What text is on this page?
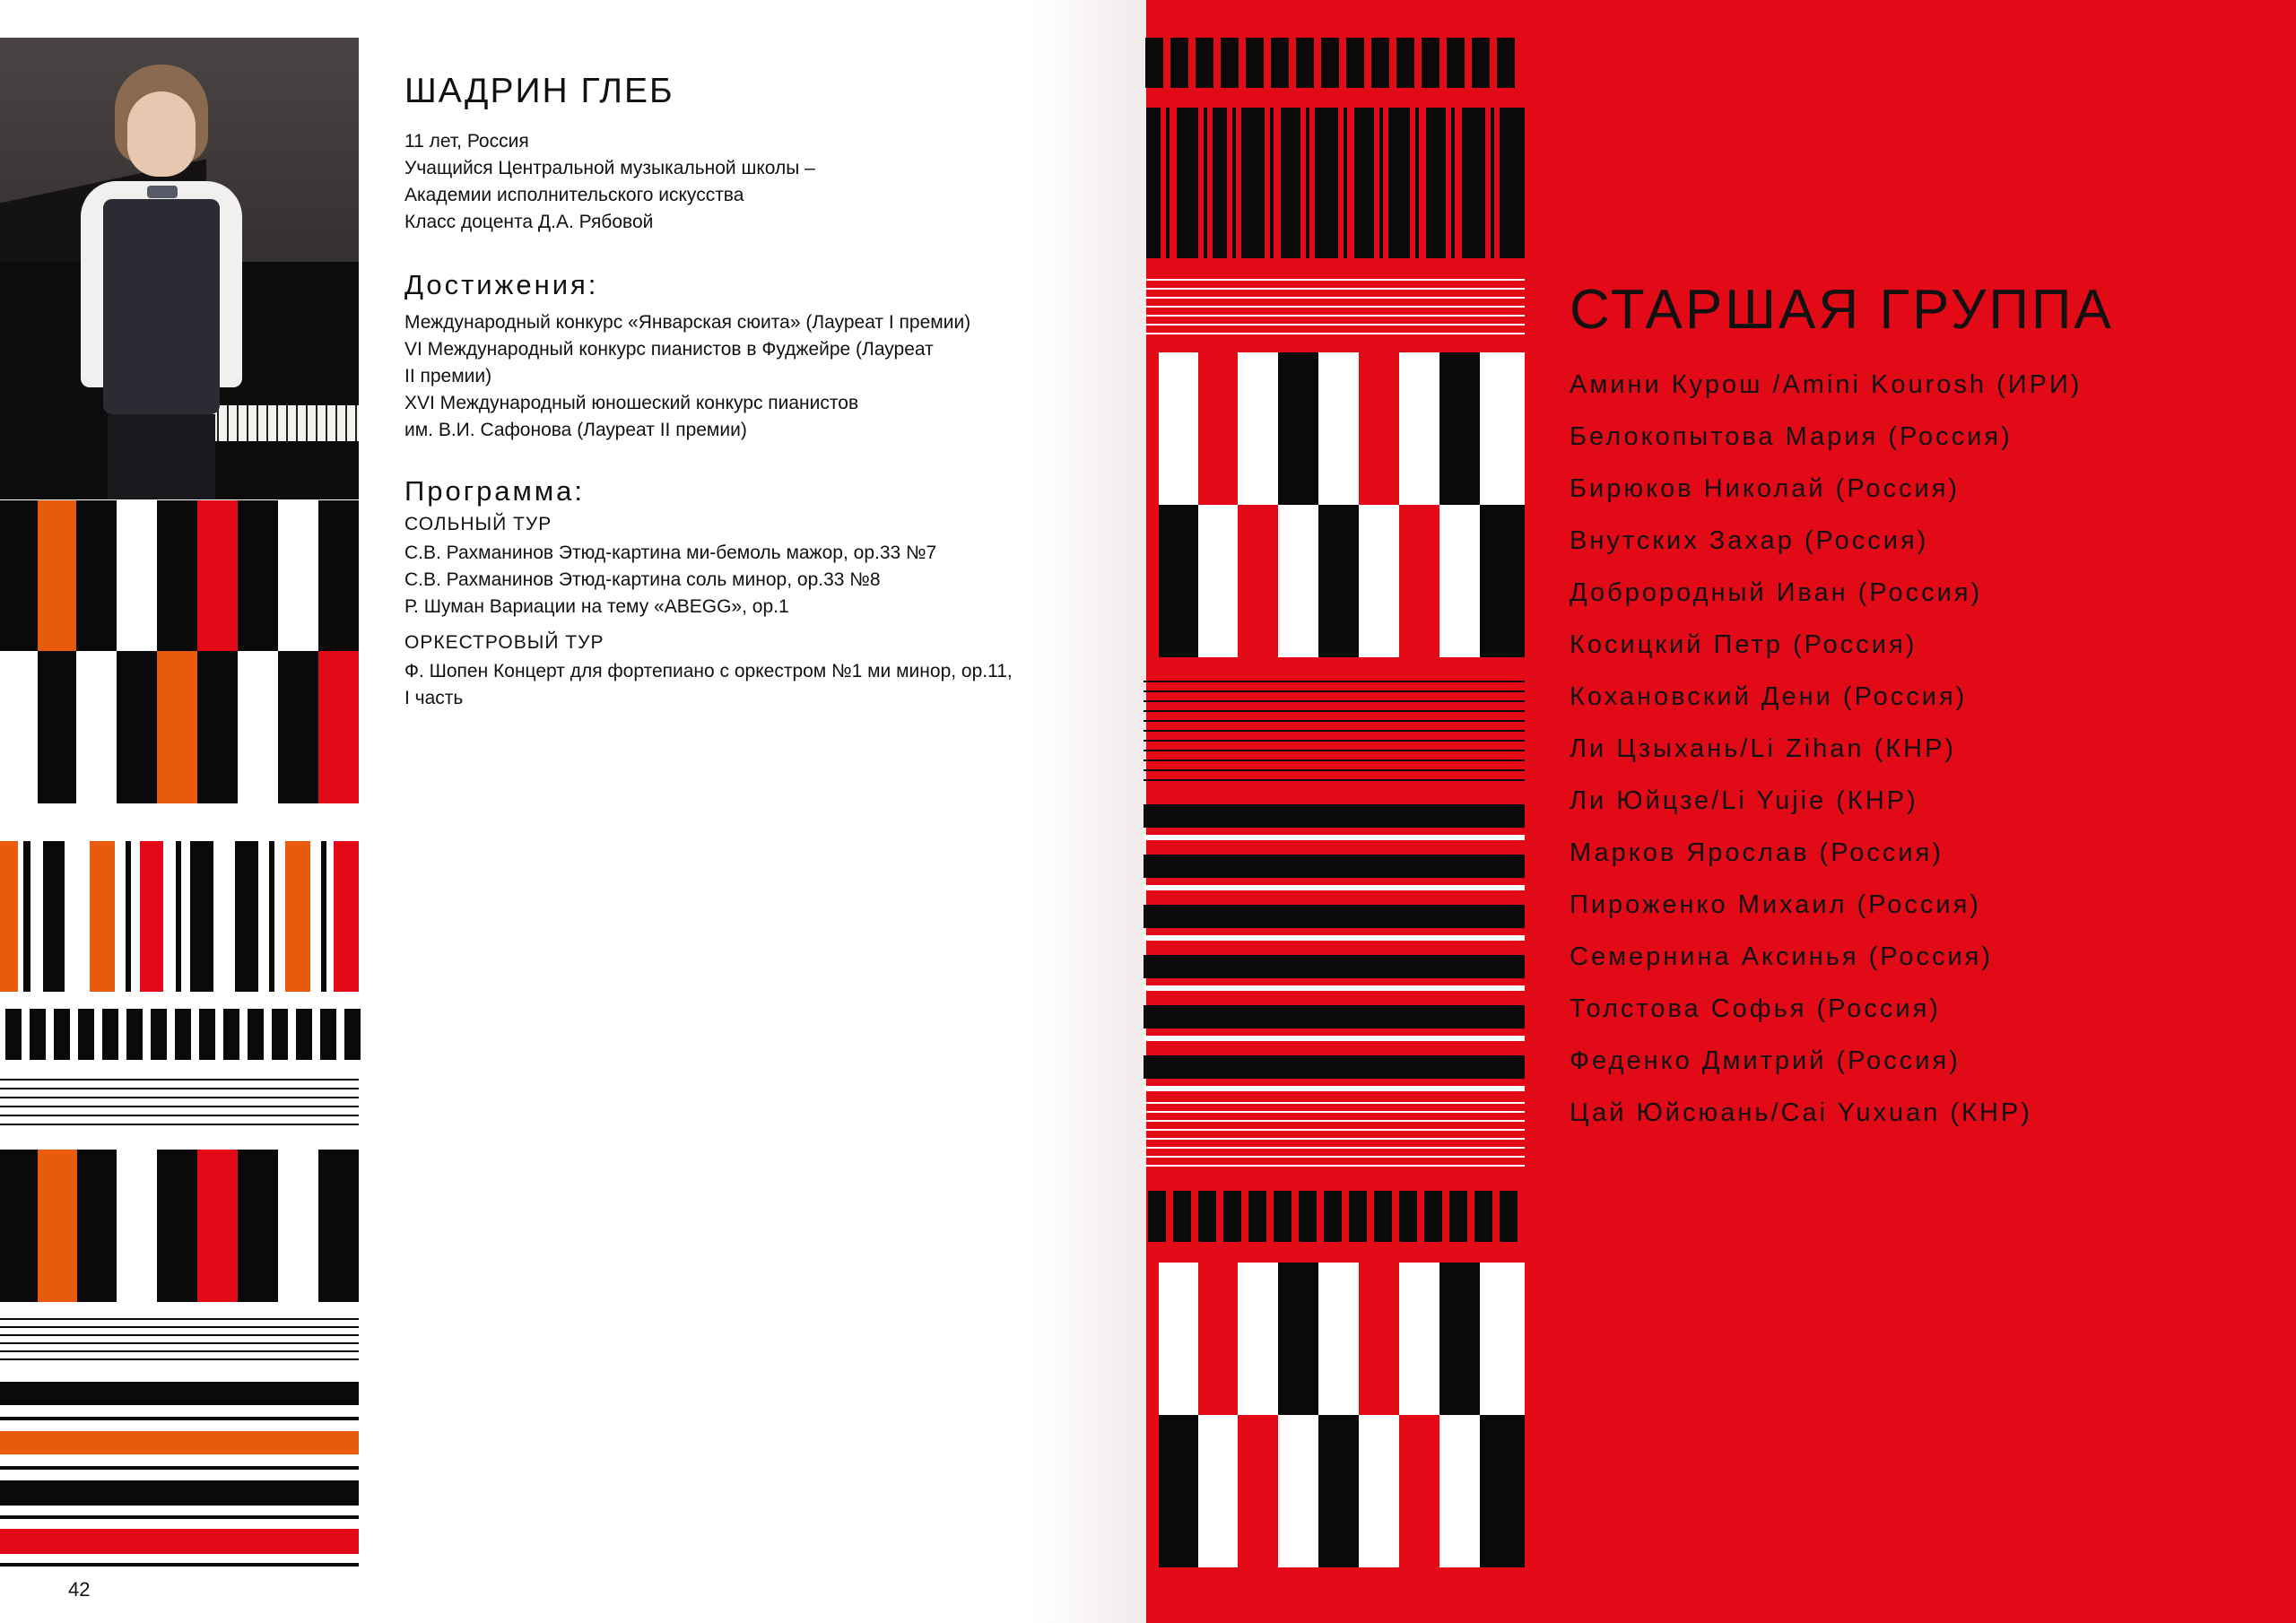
ШАДРИН ГЛЕБ
11 лет, Россия
Учащийся Центральной музыкальной школы –
Академии исполнительского искусства
Класс доцента Д.А. Рябовой
Достижения:
Международный конкурс «Январская сюита» (Лауреат I премии)
VI Международный конкурс пианистов в Фуджейре (Лауреат
II премии)
XVI Международный юношеский конкурс пианистов
им. В.И. Сафонова (Лауреат II премии)
Программа:
СОЛЬНЫЙ ТУР
С.В. Рахманинов Этюд-картина ми-бемоль мажор, ор.33 №7
С.В. Рахманинов Этюд-картина соль минор, ор.33 №8
Р. Шуман Вариации на тему «ABEGG», ор.1
ОРКЕСТРОВЫЙ ТУР
Ф. Шопен Концерт для фортепиано с оркестром №1 ми минор, ор.11,
I часть
42
СТАРШАЯ ГРУППА
Амини Курош /Amini Kourosh (ИРИ)
Белокопытова Мария (Россия)
Бирюков Николай (Россия)
Внутских Захар (Россия)
Доброродный Иван (Россия)
Косицкий Петр (Россия)
Кохановский Дени (Россия)
Ли Цзыхань/Li Zihan (КНР)
Ли Юйцзе/Li Yujie (КНР)
Марков Ярослав (Россия)
Пироженко Михаил (Россия)
Семернина Аксинья (Россия)
Толстова Софья (Россия)
Феденко Дмитрий (Россия)
Цай Юйсюань/Cai Yuxuan (КНР)
